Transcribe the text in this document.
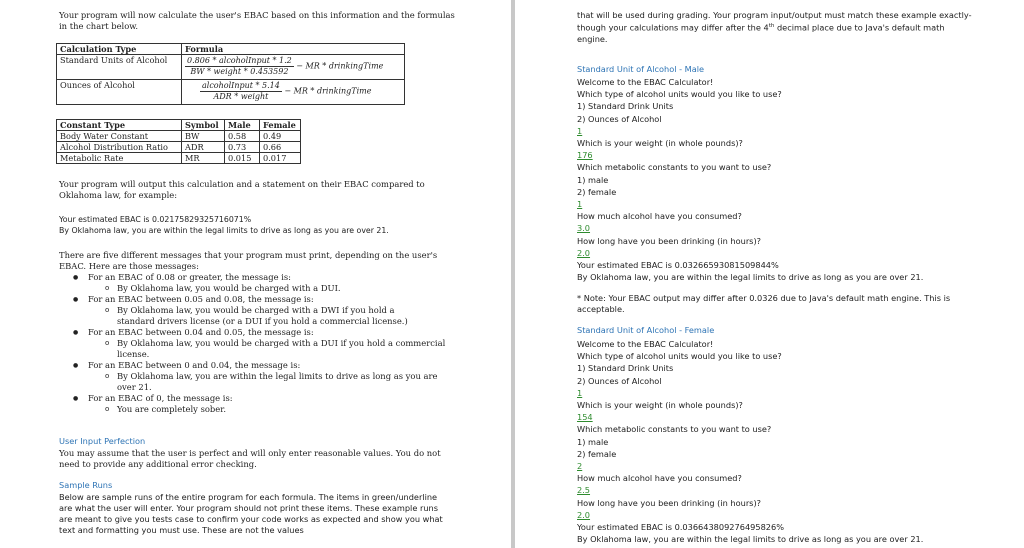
Your program will now calculate the user's EBAC based on this information and the formulas in the chart below.

Calculation Type	Formula
Standard Units of Alcohol	$\frac{\text{0.806 * alcoholInput * 1.2}}{\text{BW * weight * 0.453592}}$ − MR * drinkingTime
Ounces of Alcohol	$\frac{\text{alcoholInput * 5.14}}{\text{ADR * weight}}$ − MR * drinkingTime
Constant Type	Symbol	Male	Female
Body Water Constant	BW	0.58	0.49
Alcohol Distribution Ratio	ADR	0.73	0.66
Metabolic Rate	MR	0.015	0.017

Your program will output this calculation and a statement on their EBAC compared to Oklahoma law, for example:

Your estimated EBAC is 0.02175829325716071%

By Oklahoma law, you are within the legal limits to drive as long as you are over 21.

There are five different messages that your program must print, depending on the user's EBAC. Here are those messages:

● For an EBAC of 0.08 or greater, the message is:
o By Oklahoma law, you would be charged with a DUI.
● For an EBAC between 0.05 and 0.08, the message is:
o By Oklahoma law, you would be charged with a DWI if you hold a standard drivers license (or a DUI if you hold a commercial license.)
● For an EBAC between 0.04 and 0.05, the message is:
o By Oklahoma law, you would be charged with a DUI if you hold a commercial license.
● For an EBAC between 0 and 0.04, the message is:
o By Oklahoma law, you are within the legal limits to drive as long as you are over 21.
● For an EBAC of 0, the message is:
o You are completely sober.

User Input Perfection

You may assume that the user is perfect and will only enter reasonable values. You do not need to provide any additional error checking.

Sample Runs

Below are sample runs of the entire program for each formula. The items in green/underline are what the user will enter. Your program should not print these items. These example runs are meant to give you tests case to confirm your code works as expected and show you what text and formatting you must use. These are not the values

that will be used during grading. Your program input/output must match these example exactly- though your calculations may differ after the 4th decimal place due to Java's default math engine.

Standard Unit of Alcohol - Male

Welcome to the EBAC Calculator!
Which type of alcohol units would you like to use?
1) Standard Drink Units
2) Ounces of Alcohol
1
Which is your weight (in whole pounds)?
176
Which metabolic constants to you want to use?
1) male
2) female
1
How much alcohol have you consumed?
3.0
How long have you been drinking (in hours)?
2.0
Your estimated EBAC is 0.03266593081509844%
By Oklahoma law, you are within the legal limits to drive as long as you are over 21.

* Note: Your EBAC output may differ after 0.0326 due to Java's default math engine. This is acceptable.

Standard Unit of Alcohol - Female

Welcome to the EBAC Calculator!
Which type of alcohol units would you like to use?
1) Standard Drink Units
2) Ounces of Alcohol
1
Which is your weight (in whole pounds)?
154
Which metabolic constants to you want to use?
1) male
2) female
2
How much alcohol have you consumed?
2.5
How long have you been drinking (in hours)?
2.0
Your estimated EBAC is 0.036643809276495826%
By Oklahoma law, you are within the legal limits to drive as long as you are over 21.
